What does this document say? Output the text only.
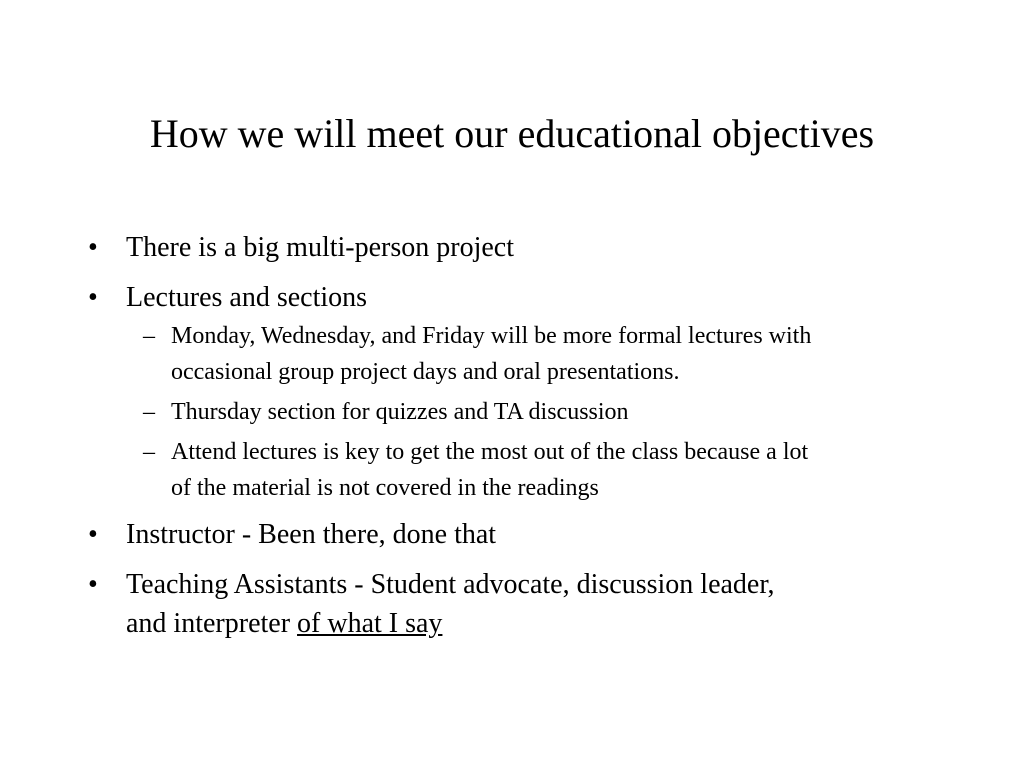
How we will meet our educational objectives
• There is a big multi-person project
• Lectures and sections
– Monday, Wednesday, and Friday will be more formal lectures with
occasional group project days and oral presentations.
– Thursday section for quizzes and TA discussion
– Attend lectures is key to get the most out of the class because a lot
of the material is not covered in the readings
• Instructor - Been there, done that
• Teaching Assistants - Student advocate, discussion leader,
and interpreter of what I say
